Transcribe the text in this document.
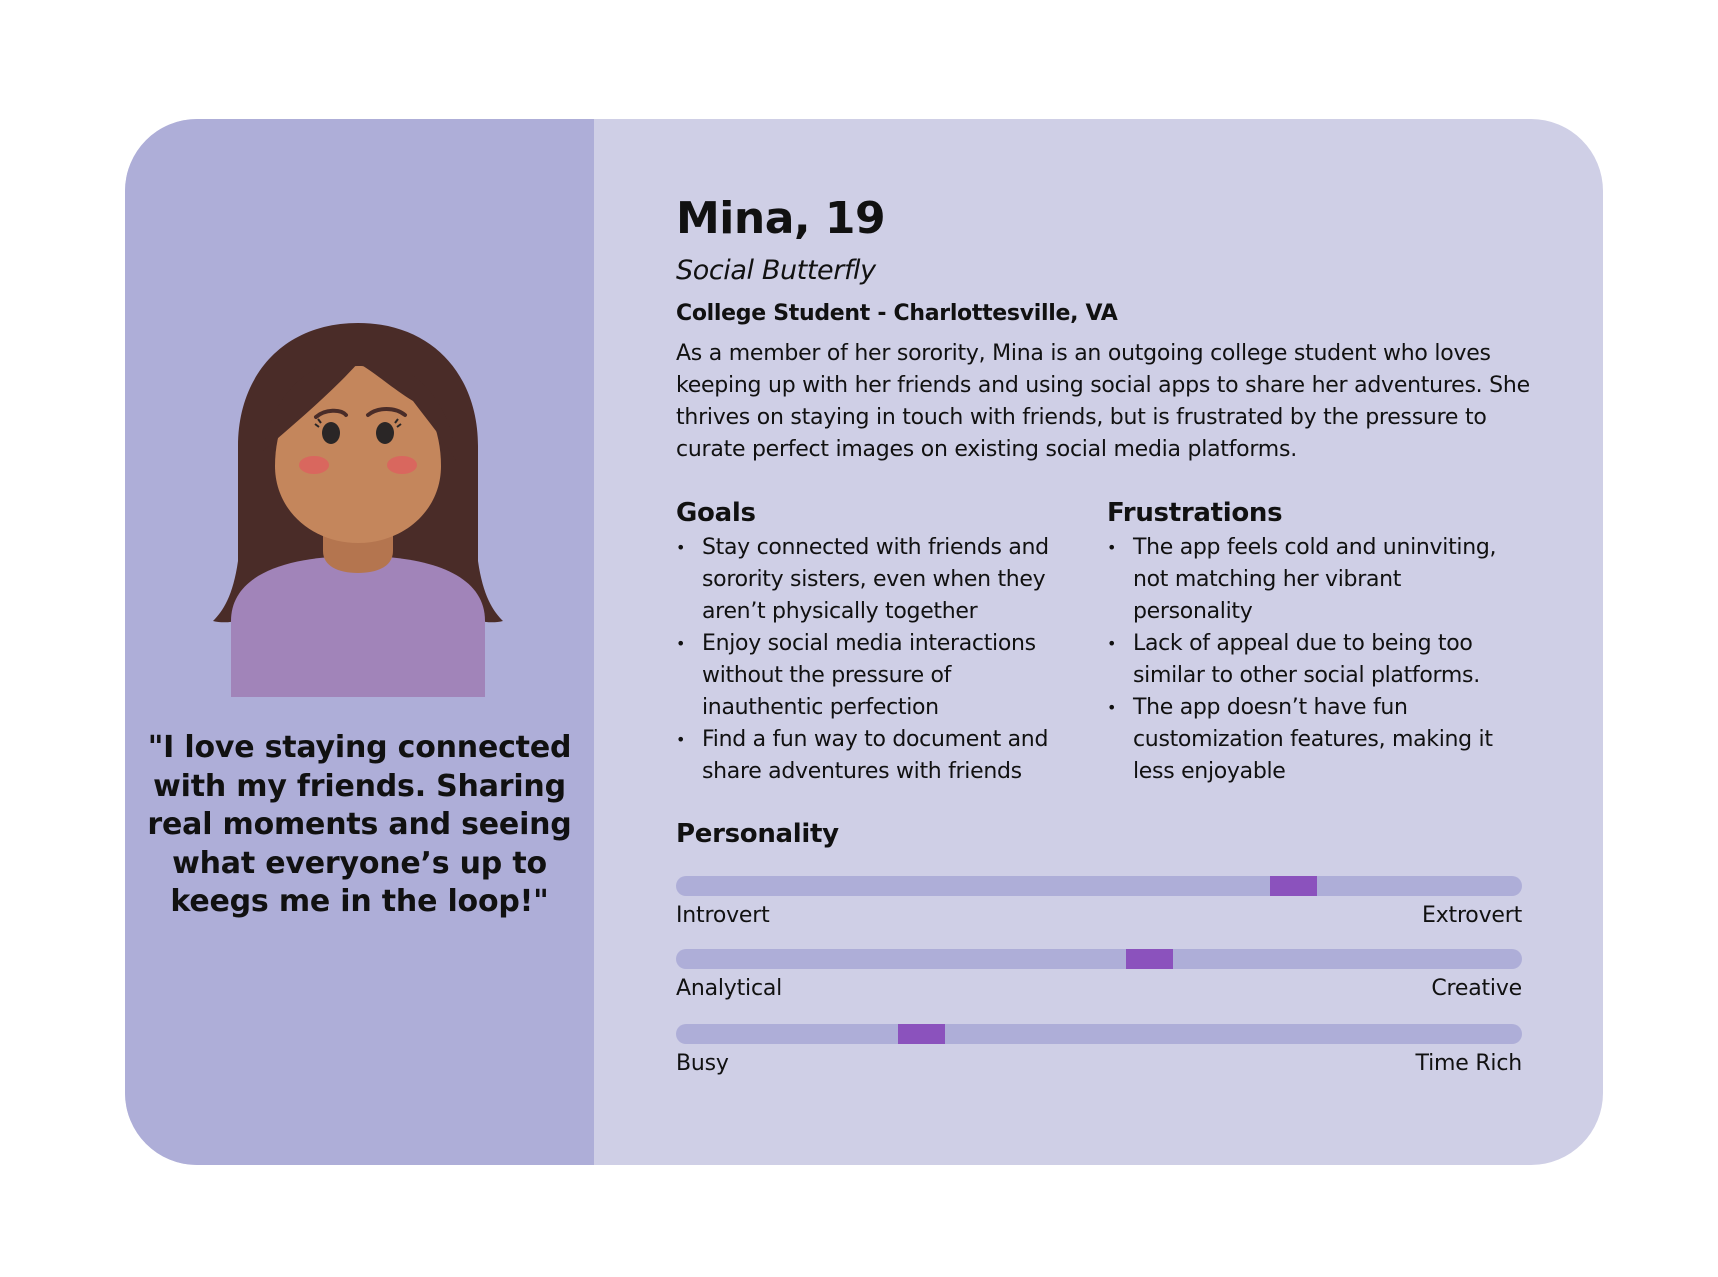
"I love staying connected with my friends. Sharing real moments and seeing what everyone’s up to keegs me in the loop!"
Mina, 19
Social Butterfly
College Student - Charlottesville, VA

As a member of her sorority, Mina is an outgoing college student who loves keeping up with her friends and using social apps to share her adventures. She thrives on staying in touch with friends, but is frustrated by the pressure to curate perfect images on existing social media platforms.

Goals
• Stay connected with friends and sorority sisters, even when they aren’t physically together
• Enjoy social media interactions without the pressure of inauthentic perfection
• Find a fun way to document and share adventures with friends
Frustrations
• The app feels cold and uninviting, not matching her vibrant personality
• Lack of appeal due to being too similar to other social platforms.
• The app doesn’t have fun customization features, making it less enjoyable
Personality
Introvert	Extrovert
Analytical	Creative
Busy	Time Rich
